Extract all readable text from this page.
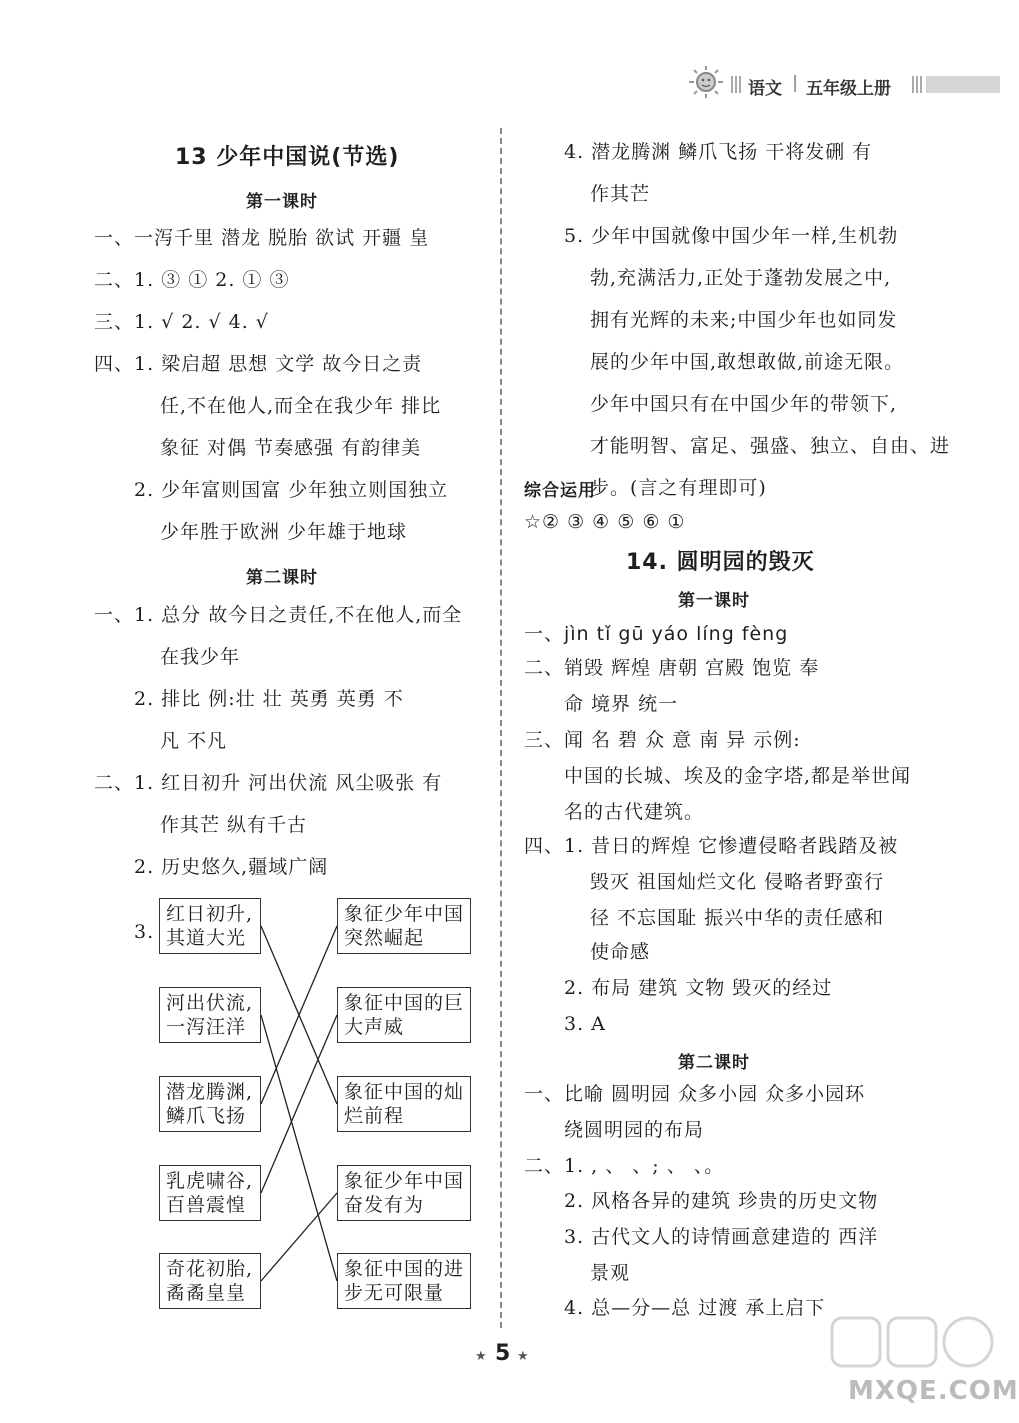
语文 | 五年级上册
13 少年中国说(节选)
第一课时
一、一泻千里 潜龙 脱胎 欲试 开疆 皇
二、1. ③ ① 2. ① ③
三、1. √ 2. √ 4. √
四、1. 梁启超 思想 文学 故今日之责
任,不在他人,而全在我少年 排比
象征 对偶 节奏感强 有韵律美
2. 少年富则国富 少年独立则国独立
少年胜于欧洲 少年雄于地球
第二课时
一、1. 总分 故今日之责任,不在他人,而全
在我少年
2. 排比 例:壮 壮 英勇 英勇 不
凡 不凡
二、1. 红日初升 河出伏流 风尘吸张 有
作其芒 纵有千古
2. 历史悠久,疆域广阔
3.
红日初升,
其道大光
河出伏流,
一泻汪洋
潜龙腾渊,
鳞爪飞扬
乳虎啸谷,
百兽震惶
奇花初胎,
矞矞皇皇
象征少年中国
突然崛起
象征中国的巨
大声威
象征中国的灿
烂前程
象征少年中国
奋发有为
象征中国的进
步无可限量
4. 潜龙腾渊 鳞爪飞扬 干将发硎 有
作其芒
5. 少年中国就像中国少年一样,生机勃
勃,充满活力,正处于蓬勃发展之中,
拥有光辉的未来;中国少年也如同发
展的少年中国,敢想敢做,前途无限。
少年中国只有在中国少年的带领下,
才能明智、富足、强盛、独立、自由、进
步。(言之有理即可)
综合运用
☆② ③ ④ ⑤ ⑥ ①
14. 圆明园的毁灭
第一课时
一、jìn tǐ gū yáo líng fèng
二、销毁 辉煌 唐朝 宫殿 饱览 奉
命 境界 统一
三、闻 名 碧 众 意 南 异 示例:
中国的长城、埃及的金字塔,都是举世闻
名的古代建筑。
四、1. 昔日的辉煌 它惨遭侵略者践踏及被
毁灭 祖国灿烂文化 侵略者野蛮行
径 不忘国耻 振兴中华的责任感和
使命感
2. 布局 建筑 文物 毁灭的经过
3. A
第二课时
一、比喻 圆明园 众多小园 众多小园环
绕圆明园的布局
二、1. , 、 、; 、 、。
2. 风格各异的建筑 珍贵的历史文物
3. 古代文人的诗情画意建造的 西洋
景观
4. 总—分—总 过渡 承上启下
★ 5 ★
MXQE.COM
